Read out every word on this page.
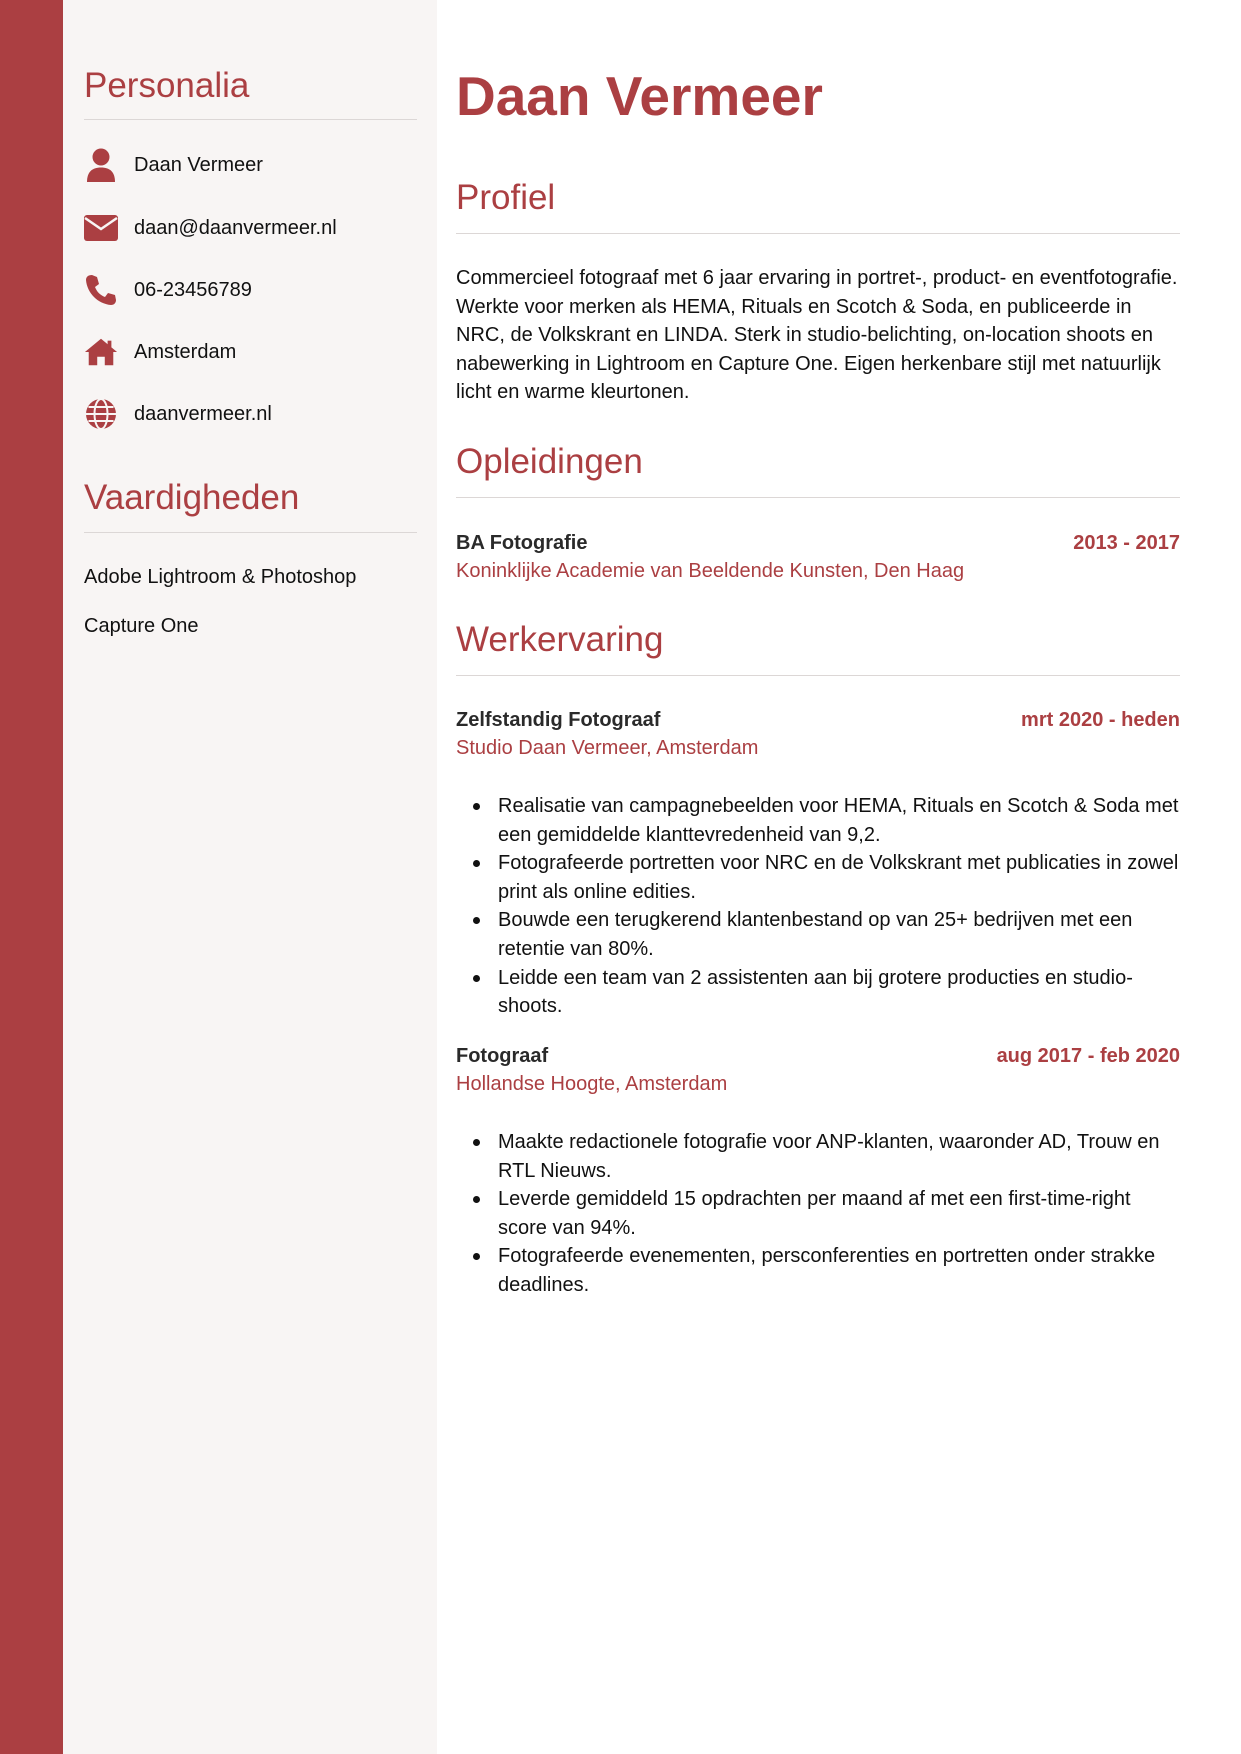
Personalia
Daan Vermeer
daan@daanvermeer.nl
06-23456789
Amsterdam
daanvermeer.nl
Vaardigheden
Adobe Lightroom & Photoshop
Capture One
Daan Vermeer
Profiel

Commercieel fotograaf met 6 jaar ervaring in portret-, product- en eventfotografie. Werkte voor merken als HEMA, Rituals en Scotch & Soda, en publiceerde in NRC, de Volkskrant en LINDA. Sterk in studio-belichting, on-location shoots en nabewerking in Lightroom en Capture One. Eigen herkenbare stijl met natuurlijk licht en warme kleurtonen.

Opleidingen
BA Fotografie	2013 - 2017
Koninklijke Academie van Beeldende Kunsten, Den Haag
Werkervaring
Zelfstandig Fotograaf	mrt 2020 - heden
Studio Daan Vermeer, Amsterdam
Realisatie van campagnebeelden voor HEMA, Rituals en Scotch & Soda met een gemiddelde klanttevredenheid van 9,2.
Fotografeerde portretten voor NRC en de Volkskrant met publicaties in zowel print als online edities.
Bouwde een terugkerend klantenbestand op van 25+ bedrijven met een retentie van 80%.
Leidde een team van 2 assistenten aan bij grotere producties en studio-shoots.
Fotograaf	aug 2017 - feb 2020
Hollandse Hoogte, Amsterdam
Maakte redactionele fotografie voor ANP-klanten, waaronder AD, Trouw en RTL Nieuws.
Leverde gemiddeld 15 opdrachten per maand af met een first-time-right score van 94%.
Fotografeerde evenementen, persconferenties en portretten onder strakke deadlines.
